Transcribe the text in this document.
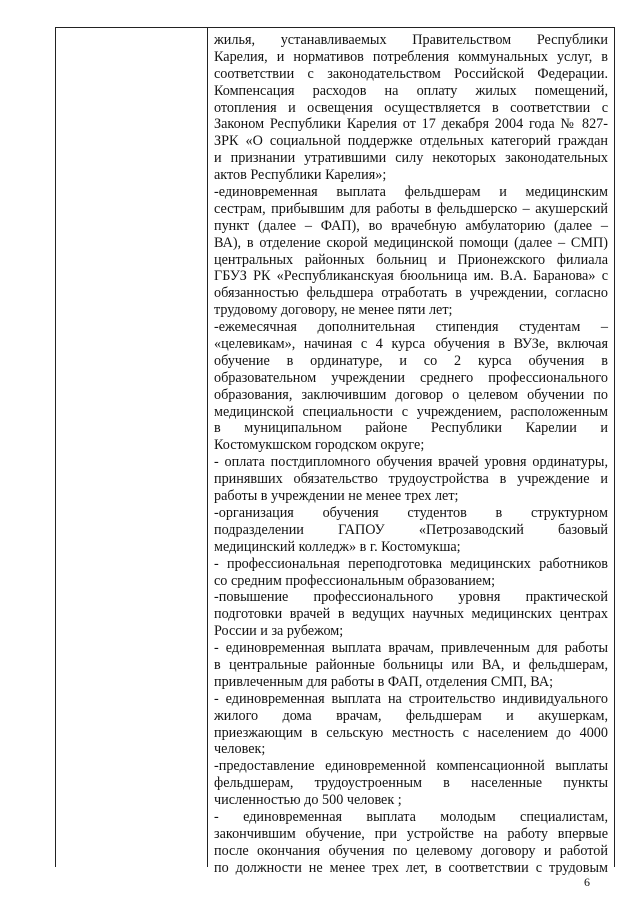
жилья, устанавливаемых Правительством Республики
Карелия, и нормативов потребления коммунальных услуг, в
соответствии с законодательством Российской Федерации.
Компенсация расходов на оплату жилых помещений,
отопления и освещения осуществляется в соответствии с
Законом Республики Карелия от 17 декабря 2004 года № 827-
ЗРК «О социальной поддержке отдельных категорий граждан
и признании утратившими силу некоторых законодательных
актов Республики Карелия»;
-единовременная выплата фельдшерам и медицинским
сестрам, прибывшим для работы в фельдшерско – акушерский
пункт (далее – ФАП), во врачебную амбулаторию (далее –
ВА), в отделение скорой медицинской помощи (далее – СМП)
центральных районных больниц и Прионежского филиала
ГБУЗ РК «Республиканскуая бюольница им. В.А. Баранова» с
обязанностью фельдшера отработать в учреждении, согласно
трудовому договору, не менее пяти лет;
-ежемесячная дополнительная стипендия студентам –
«целевикам», начиная с 4 курса обучения в ВУЗе, включая
обучение в ординатуре, и со 2 курса обучения в
образовательном учреждении среднего профессионального
образования, заключившим договор о целевом обучении по
медицинской специальности с учреждением, расположенным
в муниципальном районе Республики Карелии и
Костомукшском городском округе;
- оплата постдипломного обучения врачей уровня ординатуры,
принявших обязательство трудоустройства в учреждение и
работы в учреждении не менее трех лет;
-организация обучения студентов в структурном
подразделении ГАПОУ «Петрозаводский базовый
медицинский колледж» в г. Костомукша;
- профессиональная переподготовка медицинских работников
со средним профессиональным образованием;
-повышение профессионального уровня практической
подготовки врачей в ведущих научных медицинских центрах
России и за рубежом;
- единовременная выплата врачам, привлеченным для работы
в центральные районные больницы или ВА, и фельдшерам,
привлеченным для работы в ФАП, отделения СМП, ВА;
- единовременная выплата на строительство индивидуального
жилого дома врачам, фельдшерам и акушеркам,
приезжающим в сельскую местность с населением до 4000
человек;
-предоставление единовременной компенсационной выплаты
фельдшерам, трудоустроенным в населенные пункты
численностью до 500 человек ;
- единовременная выплата молодым специалистам,
закончившим обучение, при устройстве на работу впервые
после окончания обучения по целевому договору и работой
по должности не менее трех лет, в соответствии с трудовым
6
